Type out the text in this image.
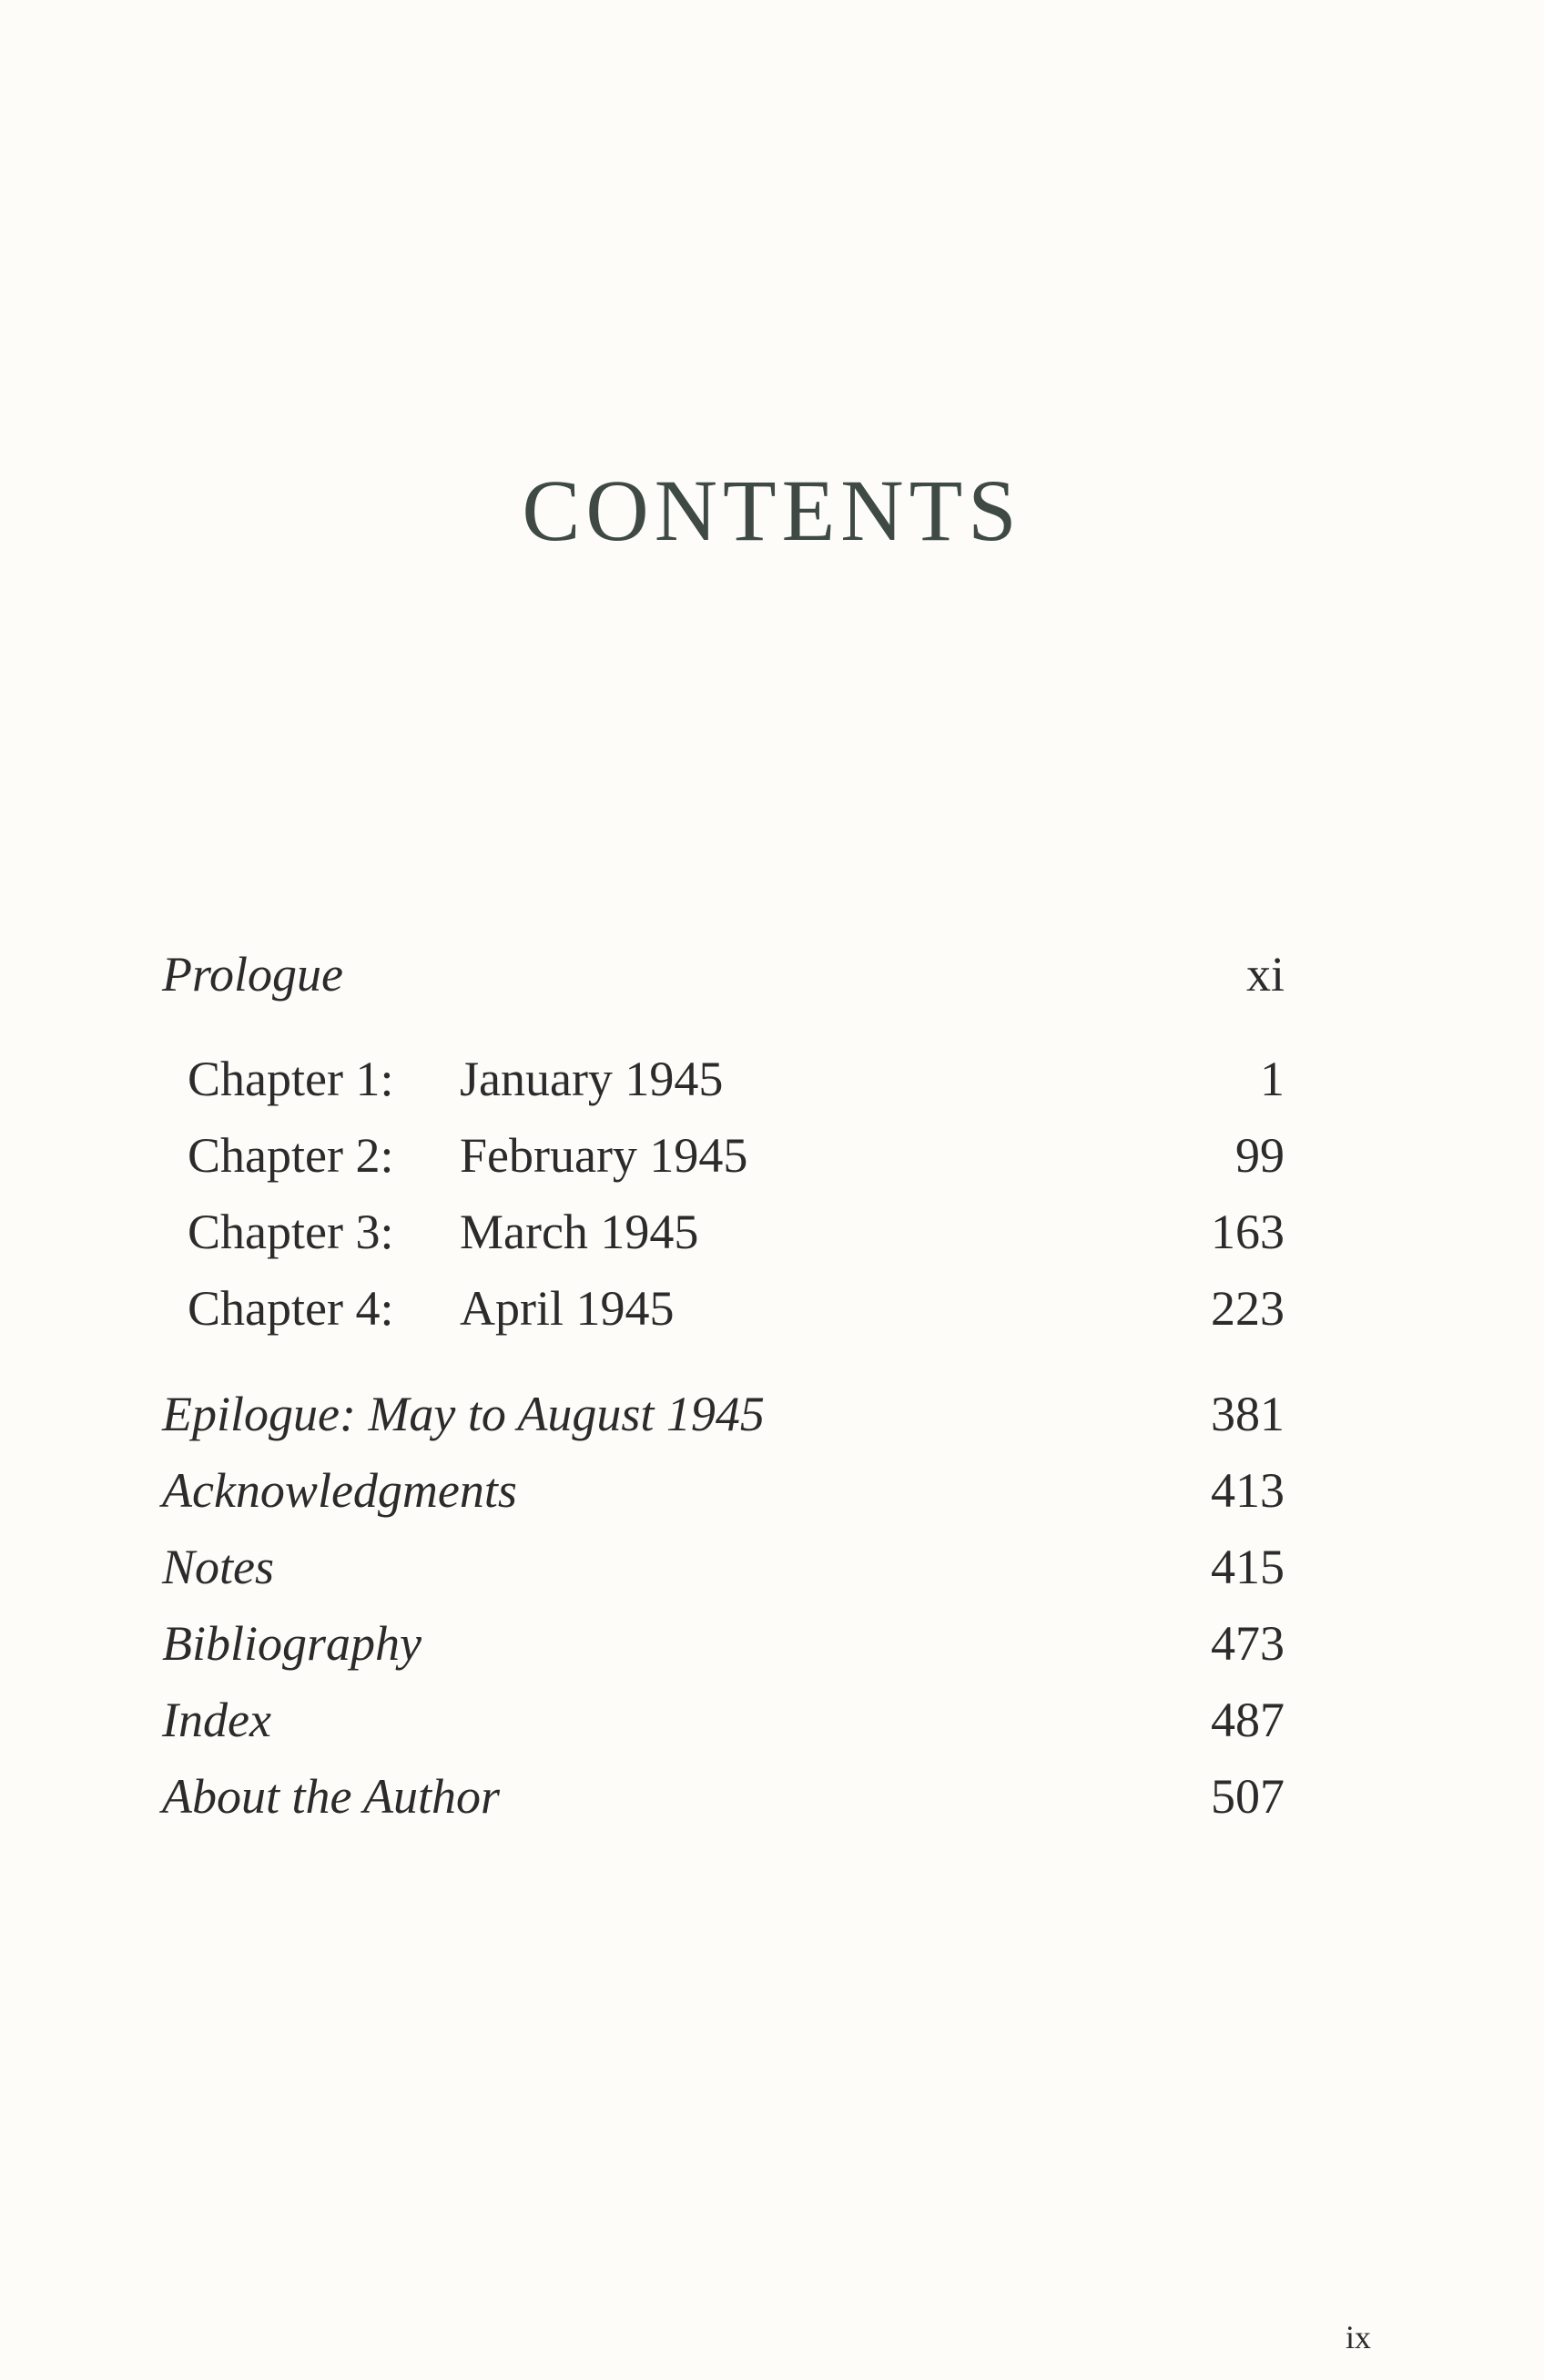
CONTENTS
Prologue	xi
Chapter 1: January 1945	1
Chapter 2: February 1945	99
Chapter 3: March 1945	163
Chapter 4: April 1945	223
Epilogue: May to August 1945	381
Acknowledgments	413
Notes	415
Bibliography	473
Index	487
About the Author	507
ix
